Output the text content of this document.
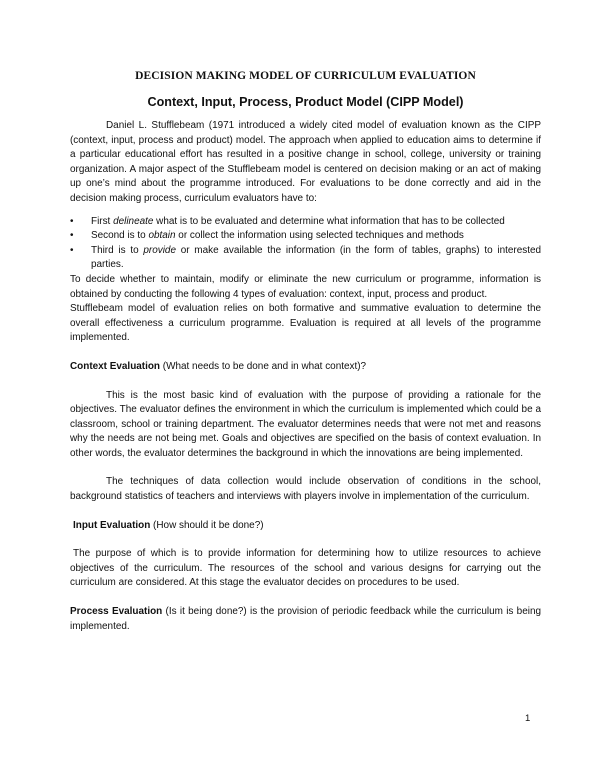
DECISION MAKING MODEL OF CURRICULUM EVALUATION
Context, Input, Process, Product Model (CIPP Model)

Daniel L. Stufflebeam (1971 introduced a widely cited model of evaluation known as the CIPP (context, input, process and product) model. The approach when applied to education aims to determine if a particular educational effort has resulted in a positive change in school, college, university or training organization. A major aspect of the Stufflebeam model is centered on decision making or an act of making up one’s mind about the programme introduced. For evaluations to be done correctly and aid in the decision making process, curriculum evaluators have to:

• First delineate what is to be evaluated and determine what information that has to be collected
• Second is to obtain or collect the information using selected techniques and methods
• Third is to provide or make available the information (in the form of tables, graphs) to interested parties.

To decide whether to maintain, modify or eliminate the new curriculum or programme, information is obtained by conducting the following 4 types of evaluation: context, input, process and product.

Stufflebeam model of evaluation relies on both formative and summative evaluation to determine the overall effectiveness a curriculum programme. Evaluation is required at all levels of the programme implemented.

Context Evaluation (What needs to be done and in what context)?

This is the most basic kind of evaluation with the purpose of providing a rationale for the objectives. The evaluator defines the environment in which the curriculum is implemented which could be a classroom, school or training department. The evaluator determines needs that were not met and reasons why the needs are not being met. Goals and objectives are specified on the basis of context evaluation. In other words, the evaluator determines the background in which the innovations are being implemented.

The techniques of data collection would include observation of conditions in the school, background statistics of teachers and interviews with players involve in implementation of the curriculum.

Input Evaluation (How should it be done?)

The purpose of which is to provide information for determining how to utilize resources to achieve objectives of the curriculum. The resources of the school and various designs for carrying out the curriculum are considered. At this stage the evaluator decides on procedures to be used.

Process Evaluation (Is it being done?) is the provision of periodic feedback while the curriculum is being implemented.

1
